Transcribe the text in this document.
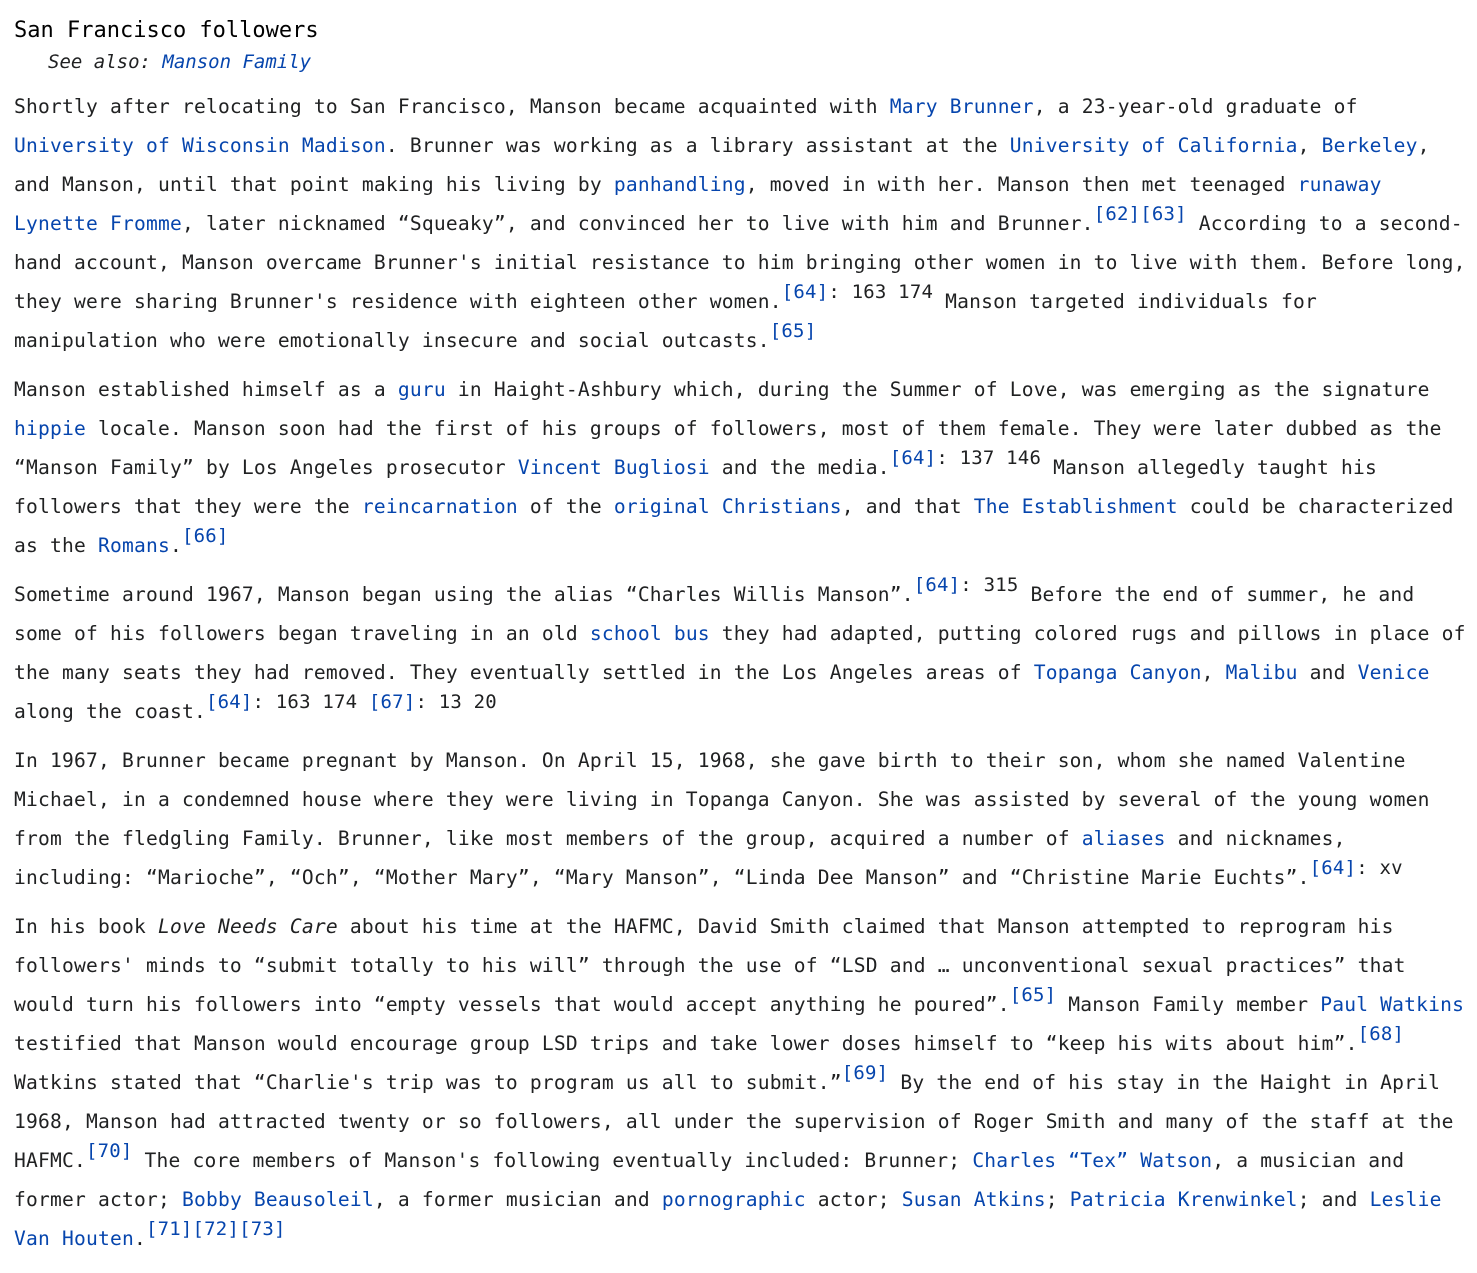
San Francisco followers
See also: Manson Family

Shortly after relocating to San Francisco, Manson became acquainted with Mary Brunner, a 23-year-old graduate of University of Wisconsin Madison. Brunner was working as a library assistant at the University of California, Berkeley, and Manson, until that point making his living by panhandling, moved in with her. Manson then met teenaged runaway Lynette Fromme, later nicknamed “Squeaky”, and convinced her to live with him and Brunner.[62][63] According to a second-hand account, Manson overcame Brunner's initial resistance to him bringing other women in to live with them. Before long, they were sharing Brunner's residence with eighteen other women.[64]: 163 174 Manson targeted individuals for manipulation who were emotionally insecure and social outcasts.[65]

Manson established himself as a guru in Haight-Ashbury which, during the Summer of Love, was emerging as the signature hippie locale. Manson soon had the first of his groups of followers, most of them female. They were later dubbed as the “Manson Family” by Los Angeles prosecutor Vincent Bugliosi and the media.[64]: 137 146 Manson allegedly taught his followers that they were the reincarnation of the original Christians, and that The Establishment could be characterized as the Romans.[66]

Sometime around 1967, Manson began using the alias “Charles Willis Manson”.[64]: 315 Before the end of summer, he and some of his followers began traveling in an old school bus they had adapted, putting colored rugs and pillows in place of the many seats they had removed. They eventually settled in the Los Angeles areas of Topanga Canyon, Malibu and Venice along the coast.[64]: 163 174 [67]: 13 20

In 1967, Brunner became pregnant by Manson. On April 15, 1968, she gave birth to their son, whom she named Valentine Michael, in a condemned house where they were living in Topanga Canyon. She was assisted by several of the young women from the fledgling Family. Brunner, like most members of the group, acquired a number of aliases and nicknames, including: “Marioche”, “Och”, “Mother Mary”, “Mary Manson”, “Linda Dee Manson” and “Christine Marie Euchts”.[64]: xv

In his book Love Needs Care about his time at the HAFMC, David Smith claimed that Manson attempted to reprogram his followers' minds to “submit totally to his will” through the use of “LSD and … unconventional sexual practices” that would turn his followers into “empty vessels that would accept anything he poured”.[65] Manson Family member Paul Watkins testified that Manson would encourage group LSD trips and take lower doses himself to “keep his wits about him”.[68] Watkins stated that “Charlie's trip was to program us all to submit.”[69] By the end of his stay in the Haight in April 1968, Manson had attracted twenty or so followers, all under the supervision of Roger Smith and many of the staff at the HAFMC.[70] The core members of Manson's following eventually included: Brunner; Charles “Tex” Watson, a musician and former actor; Bobby Beausoleil, a former musician and pornographic actor; Susan Atkins; Patricia Krenwinkel; and Leslie Van Houten.[71][72][73]
